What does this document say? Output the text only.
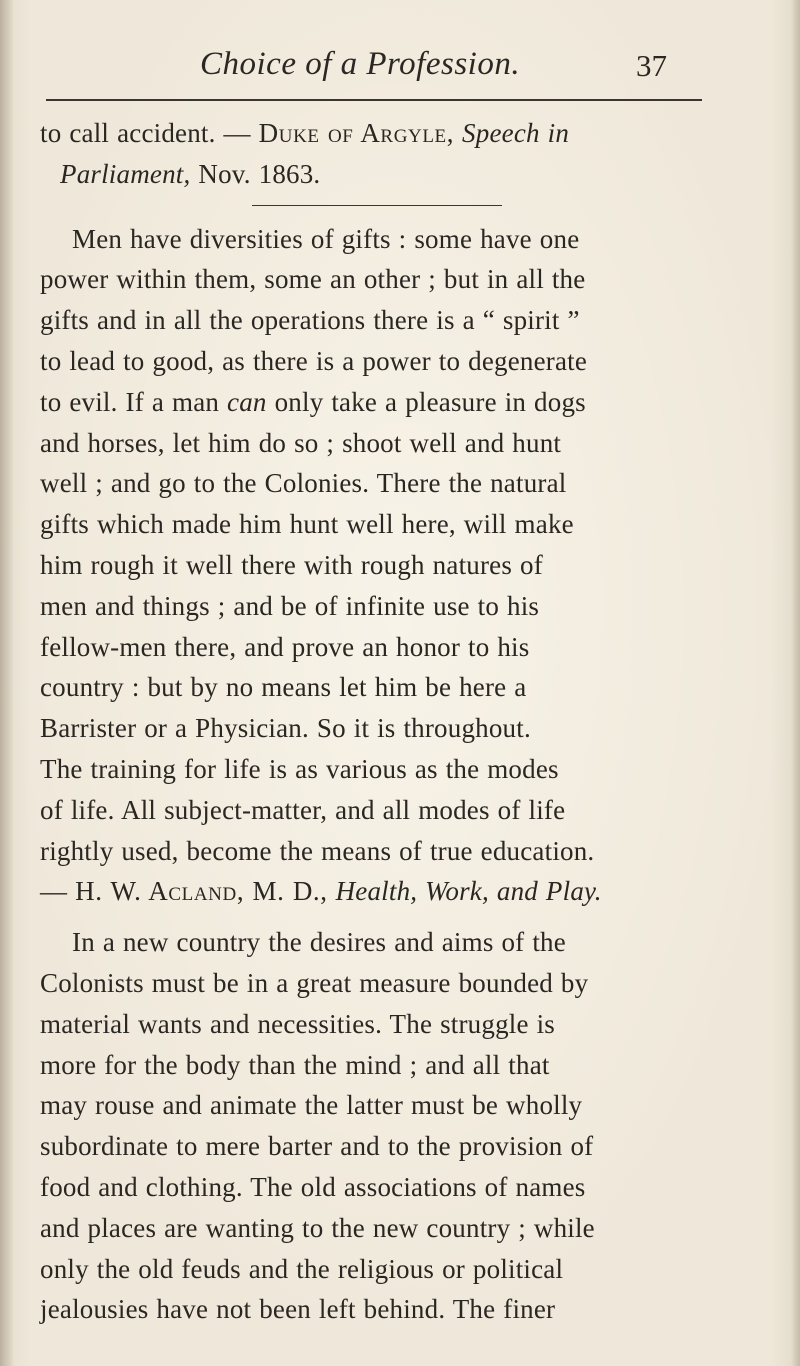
Choice of a Profession.	37
to call accident. — Duke of Argyle, Speech in
Parliament, Nov. 1863.
Men have diversities of gifts : some have one
power within them, some an other ; but in all the
gifts and in all the operations there is a “ spirit ”
to lead to good, as there is a power to degenerate
to evil. If a man can only take a pleasure in dogs
and horses, let him do so ; shoot well and hunt
well ; and go to the Colonies. There the natural
gifts which made him hunt well here, will make
him rough it well there with rough natures of
men and things ; and be of infinite use to his
fellow-men there, and prove an honor to his
country : but by no means let him be here a
Barrister or a Physician. So it is throughout.
The training for life is as various as the modes
of life. All subject-matter, and all modes of life
rightly used, become the means of true education.
— H. W. Acland, M. D., Health, Work, and Play.
In a new country the desires and aims of the
Colonists must be in a great measure bounded by
material wants and necessities. The struggle is
more for the body than the mind ; and all that
may rouse and animate the latter must be wholly
subordinate to mere barter and to the provision of
food and clothing. The old associations of names
and places are wanting to the new country ; while
only the old feuds and the religious or political
jealousies have not been left behind. The finer
